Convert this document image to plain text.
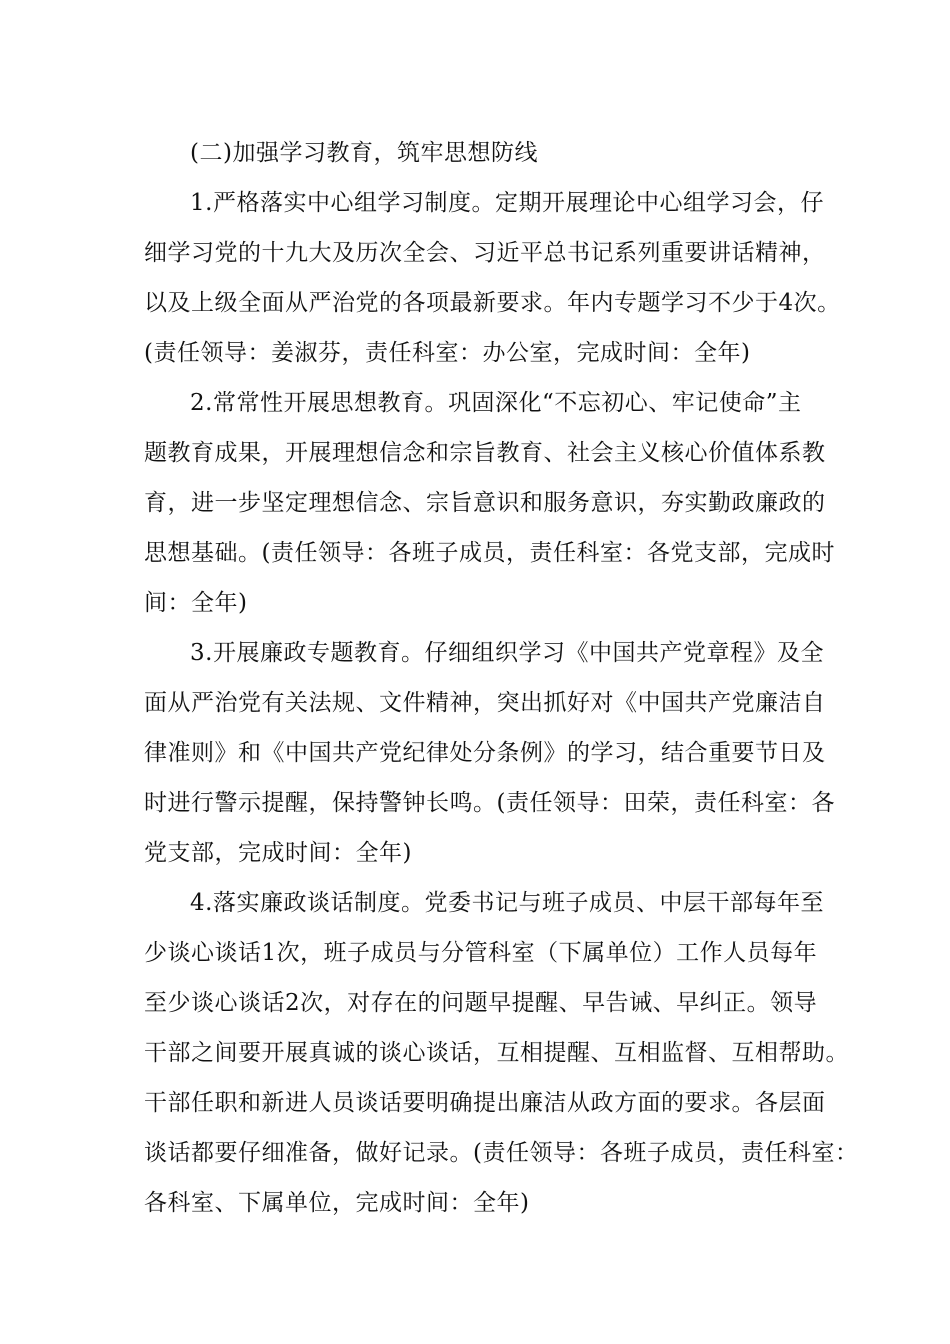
(二)加强学习教育，筑牢思想防线
1.严格落实中心组学习制度。定期开展理论中心组学习会，仔
细学习党的十九大及历次全会、习近平总书记系列重要讲话精神，
以及上级全面从严治党的各项最新要求。年内专题学习不少于4次。
(责任领导：姜淑芬，责任科室：办公室，完成时间：全年)
2.常常性开展思想教育。巩固深化“不忘初心、牢记使命”主
题教育成果，开展理想信念和宗旨教育、社会主义核心价值体系教
育，进一步坚定理想信念、宗旨意识和服务意识，夯实勤政廉政的
思想基础。(责任领导：各班子成员，责任科室：各党支部，完成时
间：全年)
3.开展廉政专题教育。仔细组织学习《中国共产党章程》及全
面从严治党有关法规、文件精神，突出抓好对《中国共产党廉洁自
律准则》和《中国共产党纪律处分条例》的学习，结合重要节日及
时进行警示提醒，保持警钟长鸣。(责任领导：田荣，责任科室：各
党支部，完成时间：全年)
4.落实廉政谈话制度。党委书记与班子成员、中层干部每年至
少谈心谈话1次，班子成员与分管科室（下属单位）工作人员每年
至少谈心谈话2次，对存在的问题早提醒、早告诫、早纠正。领导
干部之间要开展真诚的谈心谈话，互相提醒、互相监督、互相帮助。
干部任职和新进人员谈话要明确提出廉洁从政方面的要求。各层面
谈话都要仔细准备，做好记录。(责任领导：各班子成员，责任科室：
各科室、下属单位，完成时间：全年)
